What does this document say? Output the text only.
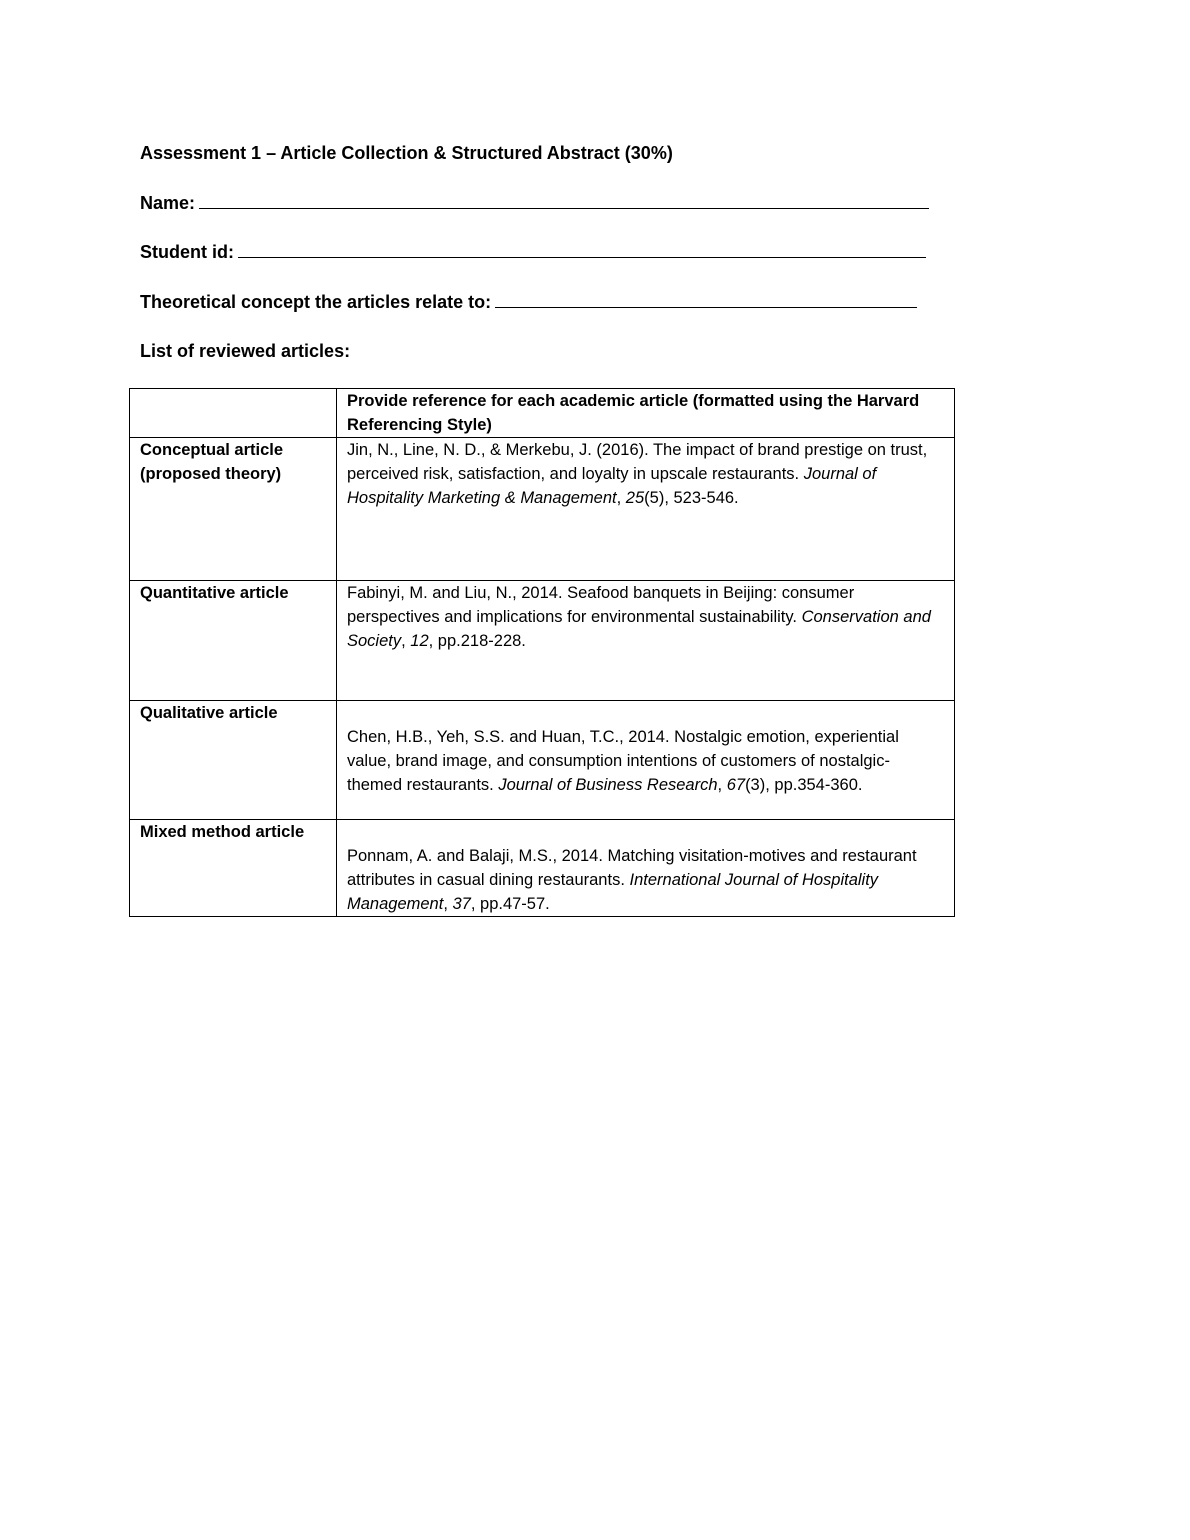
Assessment 1 – Article Collection & Structured Abstract (30%)
Name:
Student id:
Theoretical concept the articles relate to:
List of reviewed articles:
	Provide reference for each academic article (formatted using the Harvard Referencing Style)
Conceptual article (proposed theory)	Jin, N., Line, N. D., & Merkebu, J. (2016). The impact of brand prestige on trust, perceived risk, satisfaction, and loyalty in upscale restaurants. Journal of Hospitality Marketing & Management, 25(5), 523-546.
Quantitative article	Fabinyi, M. and Liu, N., 2014. Seafood banquets in Beijing: consumer perspectives and implications for environmental sustainability. Conservation and Society, 12, pp.218-228.
Qualitative article	Chen, H.B., Yeh, S.S. and Huan, T.C., 2014. Nostalgic emotion, experiential value, brand image, and consumption intentions of customers of nostalgic-themed restaurants. Journal of Business Research, 67(3), pp.354-360.
Mixed method article	Ponnam, A. and Balaji, M.S., 2014. Matching visitation-motives and restaurant attributes in casual dining restaurants. International Journal of Hospitality Management, 37, pp.47-57.
